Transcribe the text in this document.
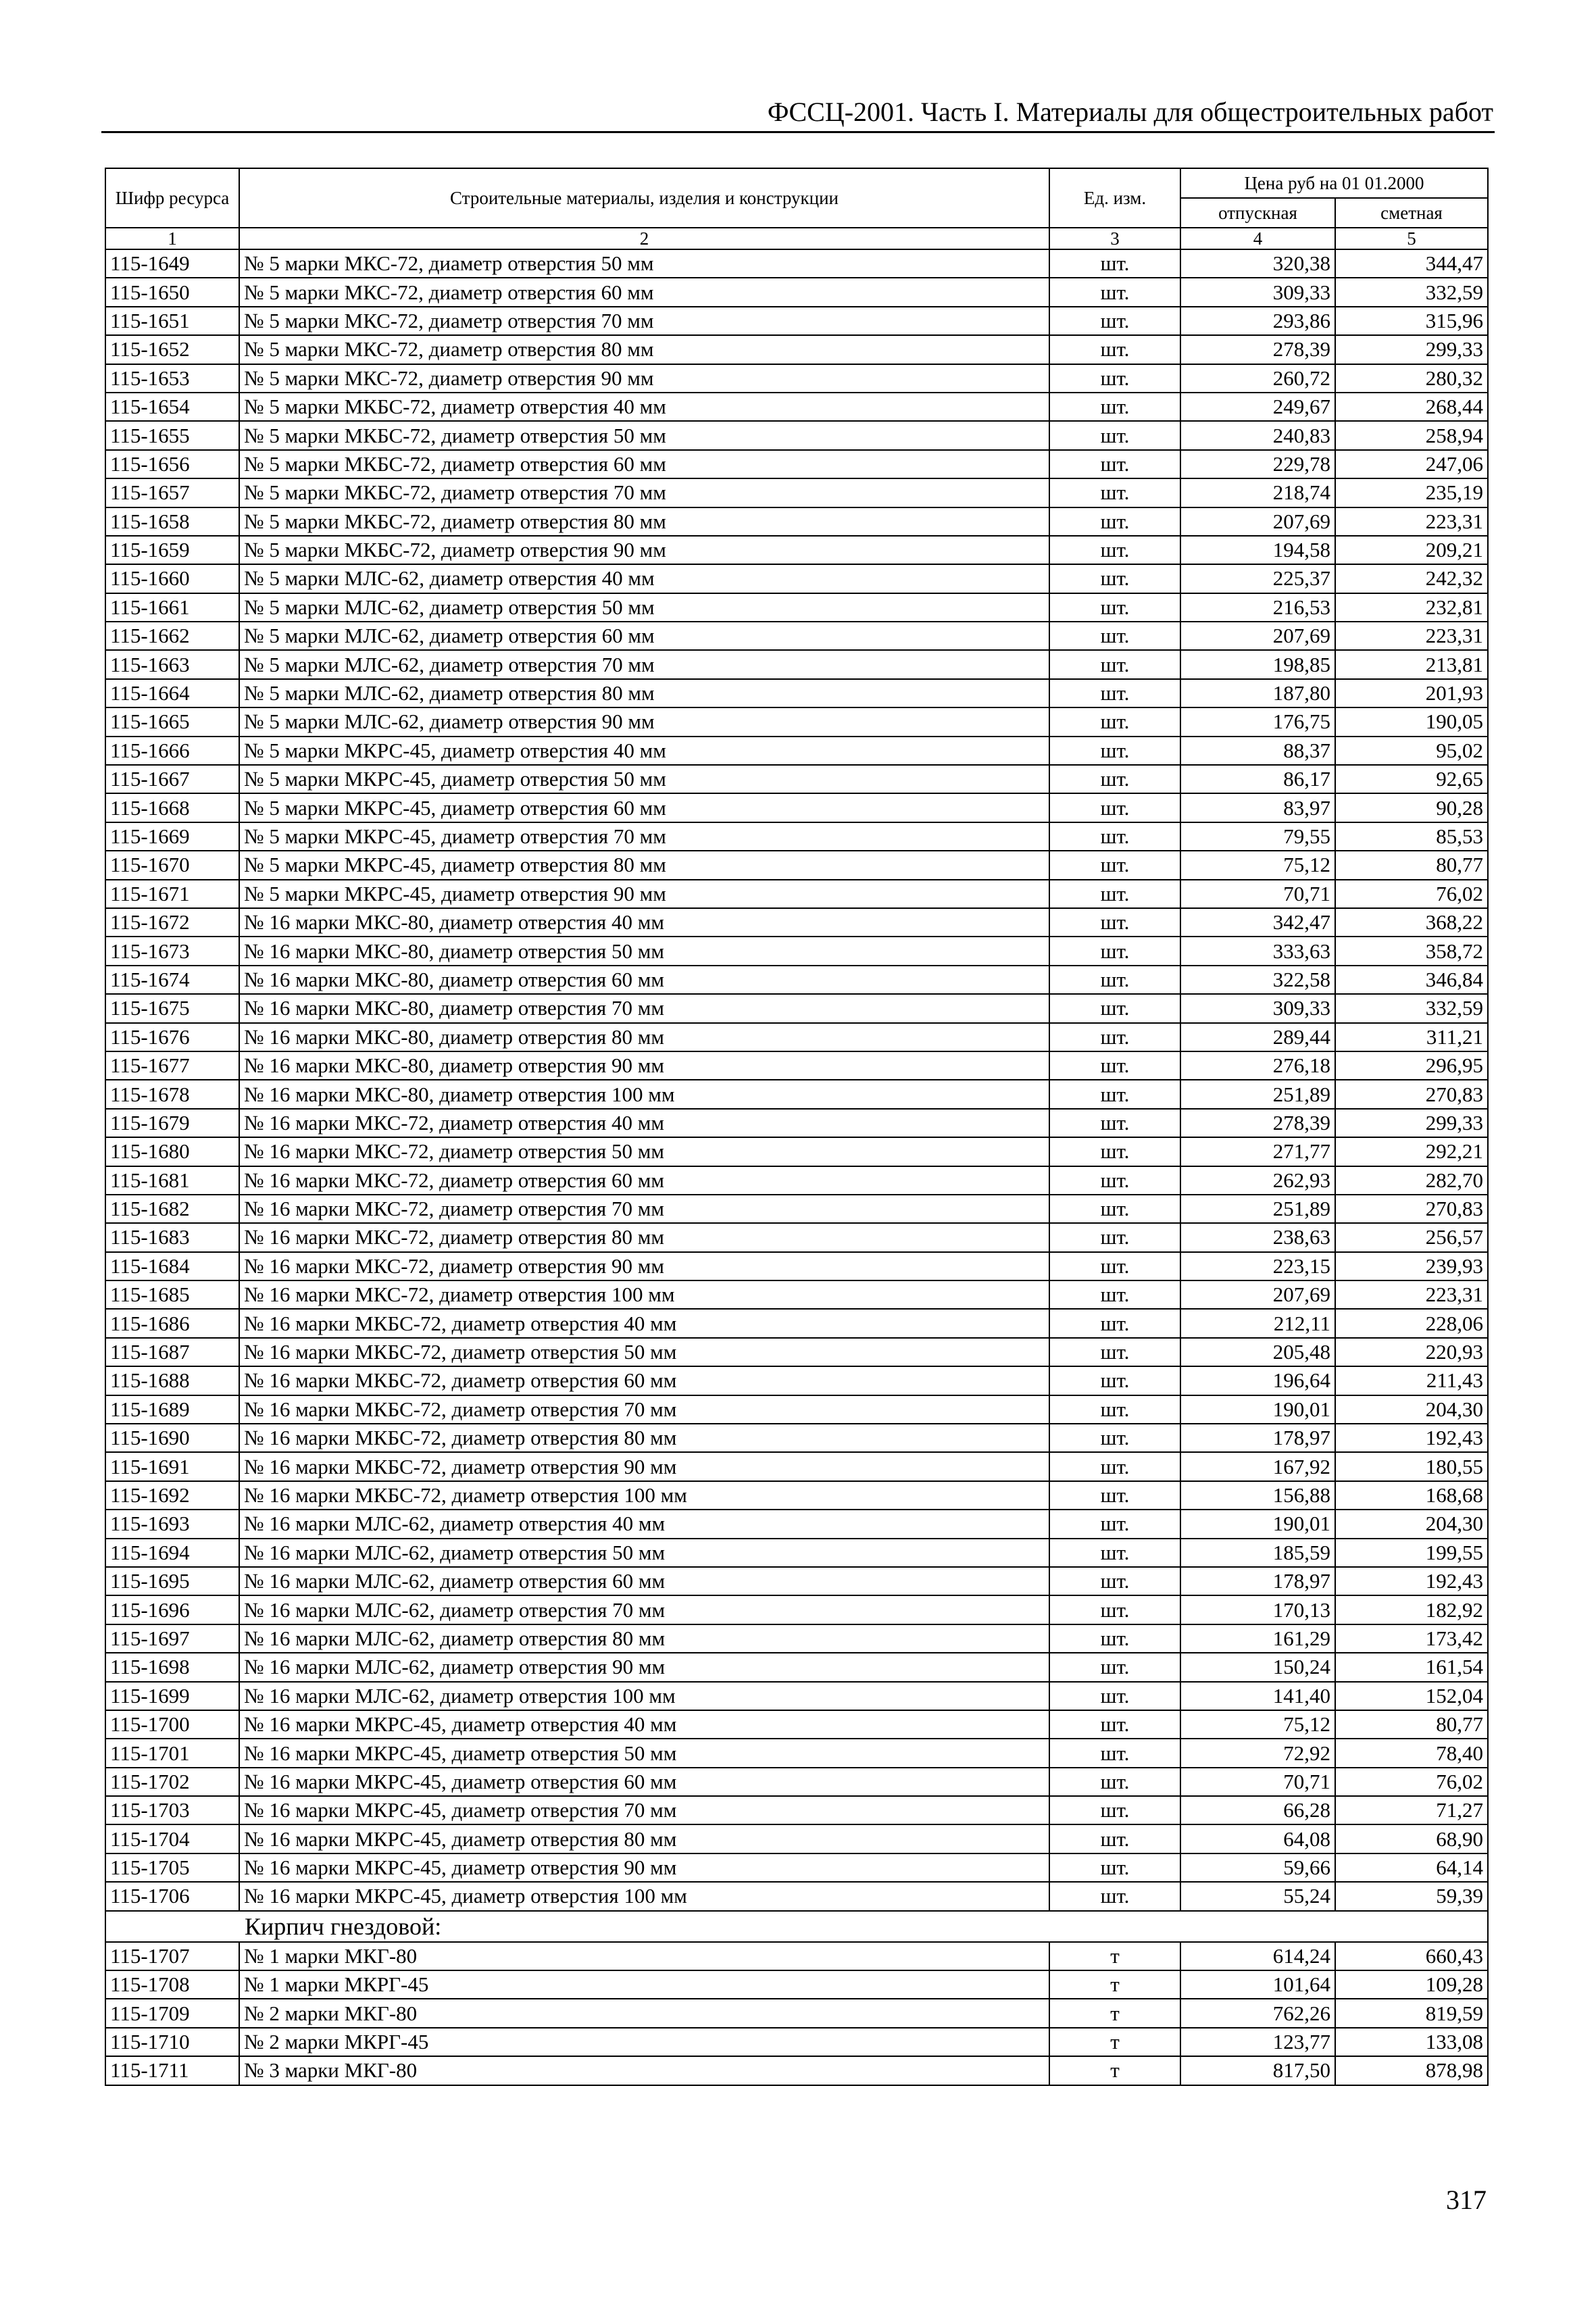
ФССЦ-2001. Часть I. Материалы для общестроительных работ
Шифр ресурса	Строительные материалы, изделия и конструкции	Ед. изм.	Цена руб на 01 01.2000	
			отпускная	сметная
1	2	3	4	5
115-1649	№ 5 марки МКС-72, диаметр отверстия 50 мм	шт.	320,38	344,47
115-1650	№ 5 марки МКС-72, диаметр отверстия 60 мм	шт.	309,33	332,59
115-1651	№ 5 марки МКС-72, диаметр отверстия 70 мм	шт.	293,86	315,96
115-1652	№ 5 марки МКС-72, диаметр отверстия 80 мм	шт.	278,39	299,33
115-1653	№ 5 марки МКС-72, диаметр отверстия 90 мм	шт.	260,72	280,32
115-1654	№ 5 марки МКБС-72, диаметр отверстия 40 мм	шт.	249,67	268,44
115-1655	№ 5 марки МКБС-72, диаметр отверстия 50 мм	шт.	240,83	258,94
115-1656	№ 5 марки МКБС-72, диаметр отверстия 60 мм	шт.	229,78	247,06
115-1657	№ 5 марки МКБС-72, диаметр отверстия 70 мм	шт.	218,74	235,19
115-1658	№ 5 марки МКБС-72, диаметр отверстия 80 мм	шт.	207,69	223,31
115-1659	№ 5 марки МКБС-72, диаметр отверстия 90 мм	шт.	194,58	209,21
115-1660	№ 5 марки МЛС-62, диаметр отверстия 40 мм	шт.	225,37	242,32
115-1661	№ 5 марки МЛС-62, диаметр отверстия 50 мм	шт.	216,53	232,81
115-1662	№ 5 марки МЛС-62, диаметр отверстия 60 мм	шт.	207,69	223,31
115-1663	№ 5 марки МЛС-62, диаметр отверстия 70 мм	шт.	198,85	213,81
115-1664	№ 5 марки МЛС-62, диаметр отверстия 80 мм	шт.	187,80	201,93
115-1665	№ 5 марки МЛС-62, диаметр отверстия 90 мм	шт.	176,75	190,05
115-1666	№ 5 марки МКРС-45, диаметр отверстия 40 мм	шт.	88,37	95,02
115-1667	№ 5 марки МКРС-45, диаметр отверстия 50 мм	шт.	86,17	92,65
115-1668	№ 5 марки МКРС-45, диаметр отверстия 60 мм	шт.	83,97	90,28
115-1669	№ 5 марки МКРС-45, диаметр отверстия 70 мм	шт.	79,55	85,53
115-1670	№ 5 марки МКРС-45, диаметр отверстия 80 мм	шт.	75,12	80,77
115-1671	№ 5 марки МКРС-45, диаметр отверстия 90 мм	шт.	70,71	76,02
115-1672	№ 16 марки МКС-80, диаметр отверстия 40 мм	шт.	342,47	368,22
115-1673	№ 16 марки МКС-80, диаметр отверстия 50 мм	шт.	333,63	358,72
115-1674	№ 16 марки МКС-80, диаметр отверстия 60 мм	шт.	322,58	346,84
115-1675	№ 16 марки МКС-80, диаметр отверстия 70 мм	шт.	309,33	332,59
115-1676	№ 16 марки МКС-80, диаметр отверстия 80 мм	шт.	289,44	311,21
115-1677	№ 16 марки МКС-80, диаметр отверстия 90 мм	шт.	276,18	296,95
115-1678	№ 16 марки МКС-80, диаметр отверстия 100 мм	шт.	251,89	270,83
115-1679	№ 16 марки МКС-72, диаметр отверстия 40 мм	шт.	278,39	299,33
115-1680	№ 16 марки МКС-72, диаметр отверстия 50 мм	шт.	271,77	292,21
115-1681	№ 16 марки МКС-72, диаметр отверстия 60 мм	шт.	262,93	282,70
115-1682	№ 16 марки МКС-72, диаметр отверстия 70 мм	шт.	251,89	270,83
115-1683	№ 16 марки МКС-72, диаметр отверстия 80 мм	шт.	238,63	256,57
115-1684	№ 16 марки МКС-72, диаметр отверстия 90 мм	шт.	223,15	239,93
115-1685	№ 16 марки МКС-72, диаметр отверстия 100 мм	шт.	207,69	223,31
115-1686	№ 16 марки МКБС-72, диаметр отверстия 40 мм	шт.	212,11	228,06
115-1687	№ 16 марки МКБС-72, диаметр отверстия 50 мм	шт.	205,48	220,93
115-1688	№ 16 марки МКБС-72, диаметр отверстия 60 мм	шт.	196,64	211,43
115-1689	№ 16 марки МКБС-72, диаметр отверстия 70 мм	шт.	190,01	204,30
115-1690	№ 16 марки МКБС-72, диаметр отверстия 80 мм	шт.	178,97	192,43
115-1691	№ 16 марки МКБС-72, диаметр отверстия 90 мм	шт.	167,92	180,55
115-1692	№ 16 марки МКБС-72, диаметр отверстия 100 мм	шт.	156,88	168,68
115-1693	№ 16 марки МЛС-62, диаметр отверстия 40 мм	шт.	190,01	204,30
115-1694	№ 16 марки МЛС-62, диаметр отверстия 50 мм	шт.	185,59	199,55
115-1695	№ 16 марки МЛС-62, диаметр отверстия 60 мм	шт.	178,97	192,43
115-1696	№ 16 марки МЛС-62, диаметр отверстия 70 мм	шт.	170,13	182,92
115-1697	№ 16 марки МЛС-62, диаметр отверстия 80 мм	шт.	161,29	173,42
115-1698	№ 16 марки МЛС-62, диаметр отверстия 90 мм	шт.	150,24	161,54
115-1699	№ 16 марки МЛС-62, диаметр отверстия 100 мм	шт.	141,40	152,04
115-1700	№ 16 марки МКРС-45, диаметр отверстия 40 мм	шт.	75,12	80,77
115-1701	№ 16 марки МКРС-45, диаметр отверстия 50 мм	шт.	72,92	78,40
115-1702	№ 16 марки МКРС-45, диаметр отверстия 60 мм	шт.	70,71	76,02
115-1703	№ 16 марки МКРС-45, диаметр отверстия 70 мм	шт.	66,28	71,27
115-1704	№ 16 марки МКРС-45, диаметр отверстия 80 мм	шт.	64,08	68,90
115-1705	№ 16 марки МКРС-45, диаметр отверстия 90 мм	шт.	59,66	64,14
115-1706	№ 16 марки МКРС-45, диаметр отверстия 100 мм	шт.	55,24	59,39
Кирпич гнездовой:				
115-1707	№ 1 марки МКГ-80	т	614,24	660,43
115-1708	№ 1 марки МКРГ-45	т	101,64	109,28
115-1709	№ 2 марки МКГ-80	т	762,26	819,59
115-1710	№ 2 марки МКРГ-45	т	123,77	133,08
115-1711	№ 3 марки МКГ-80	т	817,50	878,98
317
